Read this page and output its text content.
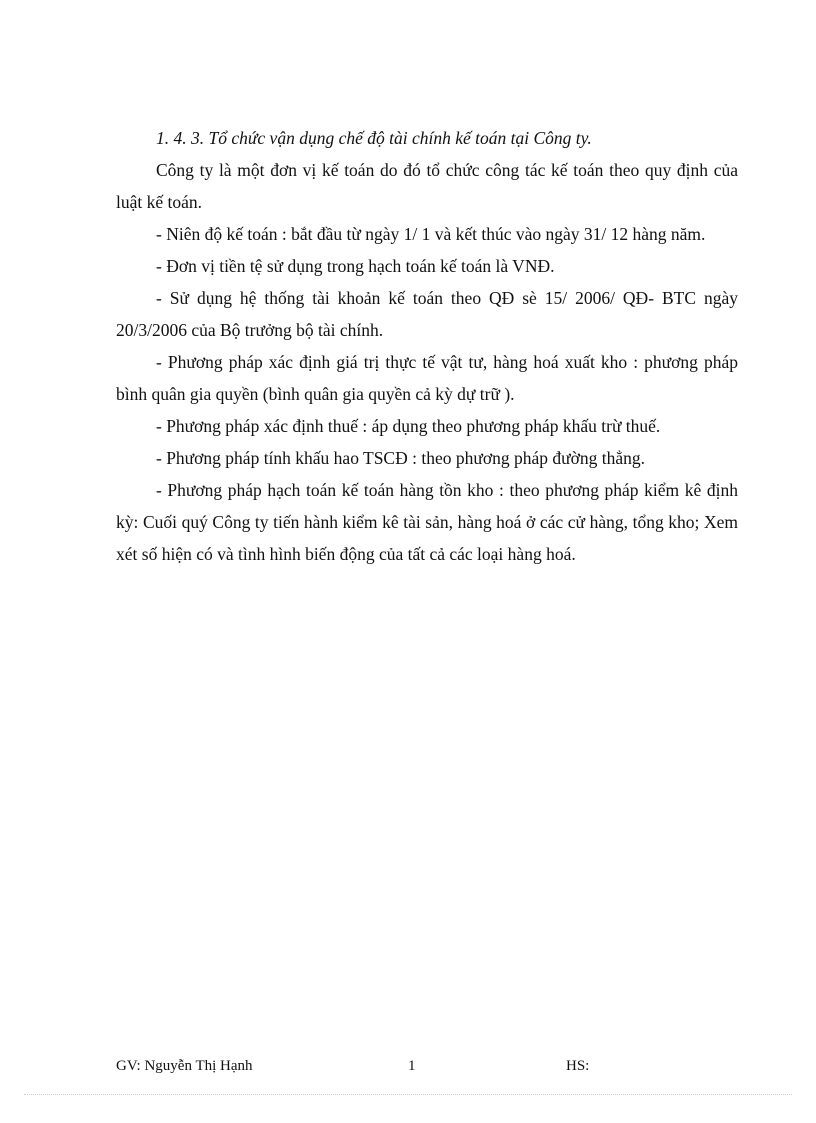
1. 4. 3. Tổ chức vận dụng chế độ tài chính kế toán tại Công ty.

Công ty là một đơn vị kế toán do đó tổ chức công tác kế toán theo quy định của luật kế toán.

- Niên độ kế toán : bắt đầu từ ngày 1/ 1 và kết thúc vào ngày 31/ 12 hàng năm.

- Đơn vị tiền tệ sử dụng trong hạch toán kế toán là VNĐ.

- Sử dụng hệ thống tài khoản kế toán theo QĐ sè 15/ 2006/ QĐ- BTC ngày 20/3/2006 của Bộ trưởng bộ tài chính.

- Phương pháp xác định giá trị thực tế vật tư, hàng hoá xuất kho : phương pháp bình quân gia quyền (bình quân gia quyền cả kỳ dự trữ ).

- Phương pháp xác định thuế : áp dụng theo phương pháp khấu trừ thuế.

- Phương pháp tính khấu hao TSCĐ : theo phương pháp đường thẳng.

- Phương pháp hạch toán kế toán hàng tồn kho : theo phương pháp kiểm kê định kỳ: Cuối quý Công ty tiến hành kiểm kê tài sản, hàng hoá ở các cử hàng, tổng kho; Xem xét số hiện có và tình hình biến động của tất cả các loại hàng hoá.

GV: Nguyễn Thị Hạnh	1	HS:
